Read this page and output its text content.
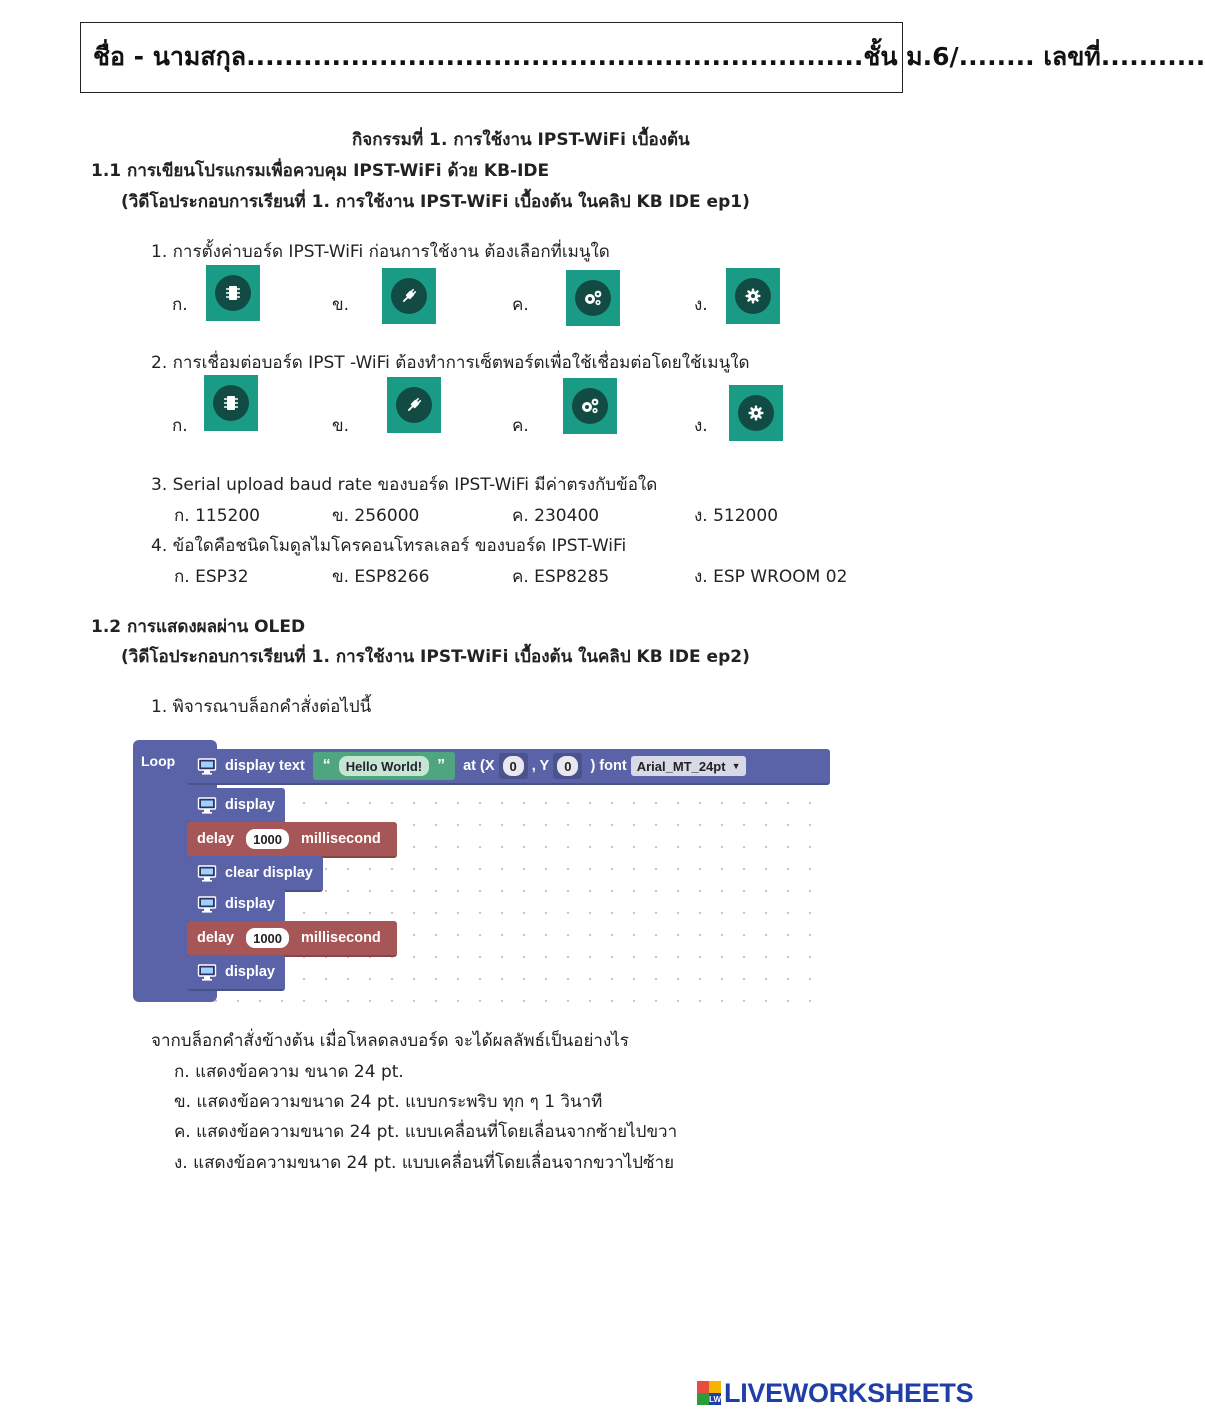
ชื่อ - นามสกุล.................................................................ชั้น ม.6/........ เลขที่...........
กิจกรรมที่ 1. การใช้งาน IPST-WiFi เบื้องต้น
1.1 การเขียนโปรแกรมเพื่อควบคุม IPST-WiFi ด้วย KB-IDE
(วิดีโอประกอบการเรียนที่ 1. การใช้งาน IPST-WiFi เบื้องต้น ในคลิป KB IDE ep1)
1. การตั้งค่าบอร์ด IPST-WiFi ก่อนการใช้งาน ต้องเลือกที่เมนูใด
ก.	ข.	ค.	ง.
2. การเชื่อมต่อบอร์ด IPST -WiFi ต้องทำการเซ็ตพอร์ตเพื่อใช้เชื่อมต่อโดยใช้เมนูใด
ก.	ข.	ค.	ง.
3. Serial upload baud rate ของบอร์ด IPST-WiFi มีค่าตรงกับข้อใด
ก. 115200	ข. 256000	ค. 230400	ง. 512000
4. ข้อใดคือชนิดโมดูลไมโครคอนโทรลเลอร์ ของบอร์ด IPST-WiFi
ก. ESP32	ข. ESP8266	ค. ESP8285	ง. ESP WROOM 02
1.2 การแสดงผลผ่าน OLED
(วิดีโอประกอบการเรียนที่ 1. การใช้งาน IPST-WiFi เบื้องต้น ในคลิป KB IDE ep2)
1. พิจารณาบล็อกคำสั่งต่อไปนี้
Loop	display text “	Hello World! ” at (X	0	, Y	0	) font Arial_MT_24pt ▼
display
delay	1000	millisecond
clear display
display
delay	1000	millisecond
display
จากบล็อกคำสั่งข้างต้น เมื่อโหลดลงบอร์ด จะได้ผลลัพธ์เป็นอย่างไร
ก. แสดงข้อความ ขนาด 24 pt.
ข. แสดงข้อความขนาด 24 pt. แบบกระพริบ ทุก ๆ 1 วินาที
ค. แสดงข้อความขนาด 24 pt. แบบเคลื่อนที่โดยเลื่อนจากซ้ายไปขวา
ง. แสดงข้อความขนาด 24 pt. แบบเคลื่อนที่โดยเลื่อนจากขวาไปซ้าย
LW LIVEWORKSHEETS
